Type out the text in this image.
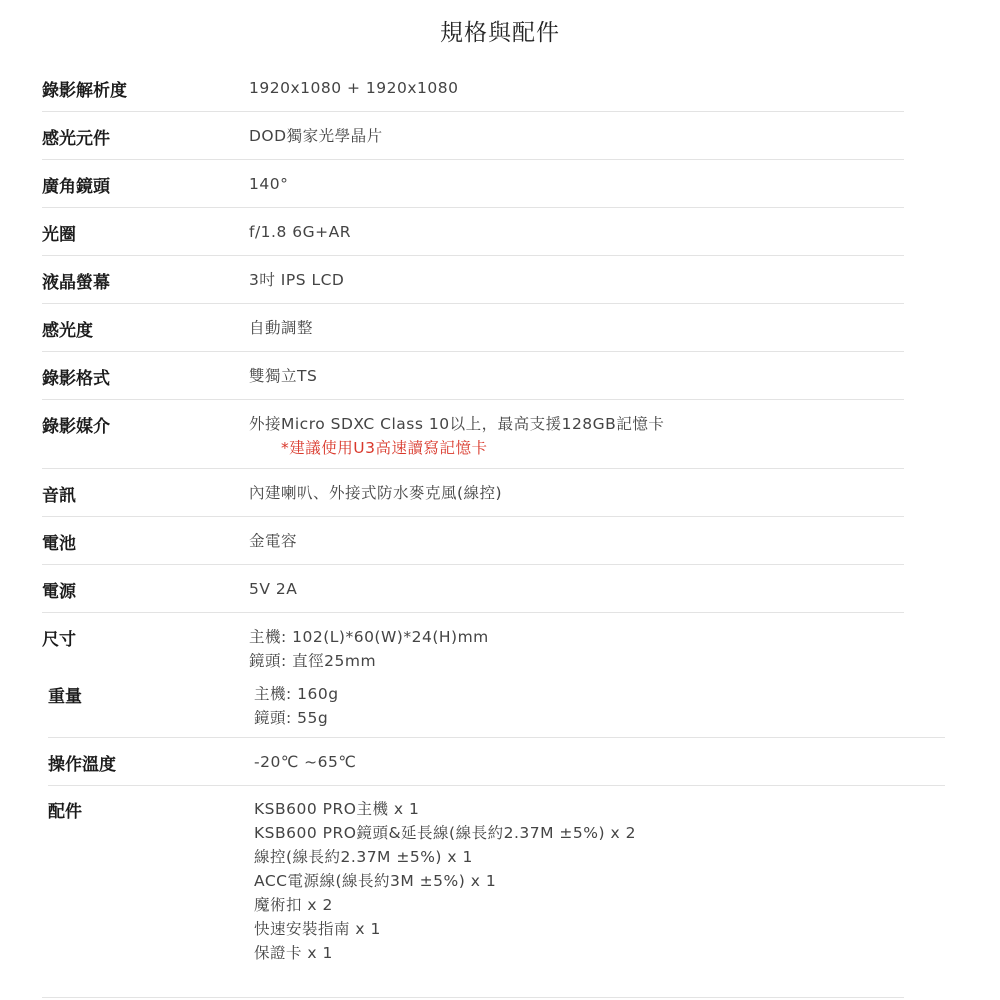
規格與配件
錄影解析度	1920x1080 + 1920x1080
感光元件	DOD獨家光學晶片
廣角鏡頭	140°
光圈	f/1.8 6G+AR
液晶螢幕	3吋 IPS LCD
感光度	自動調整
錄影格式	雙獨立TS
錄影媒介	外接Micro SDXC Class 10以上，最高支援128GB記憶卡
*建議使用U3高速讀寫記憶卡
音訊	內建喇叭、外接式防水麥克風(線控)
電池	金電容
電源	5V 2A
尺寸	主機: 102(L)*60(W)*24(H)mm
鏡頭: 直徑25mm
重量	主機: 160g
鏡頭: 55g
操作溫度	-20℃ ~65℃
配件	KSB600 PRO主機 x 1
KSB600 PRO鏡頭&延長線(線長約2.37M ±5%) x 2
線控(線長約2.37M ±5%) x 1
ACC電源線(線長約3M ±5%) x 1
魔術扣 x 2
快速安裝指南 x 1
保證卡 x 1
